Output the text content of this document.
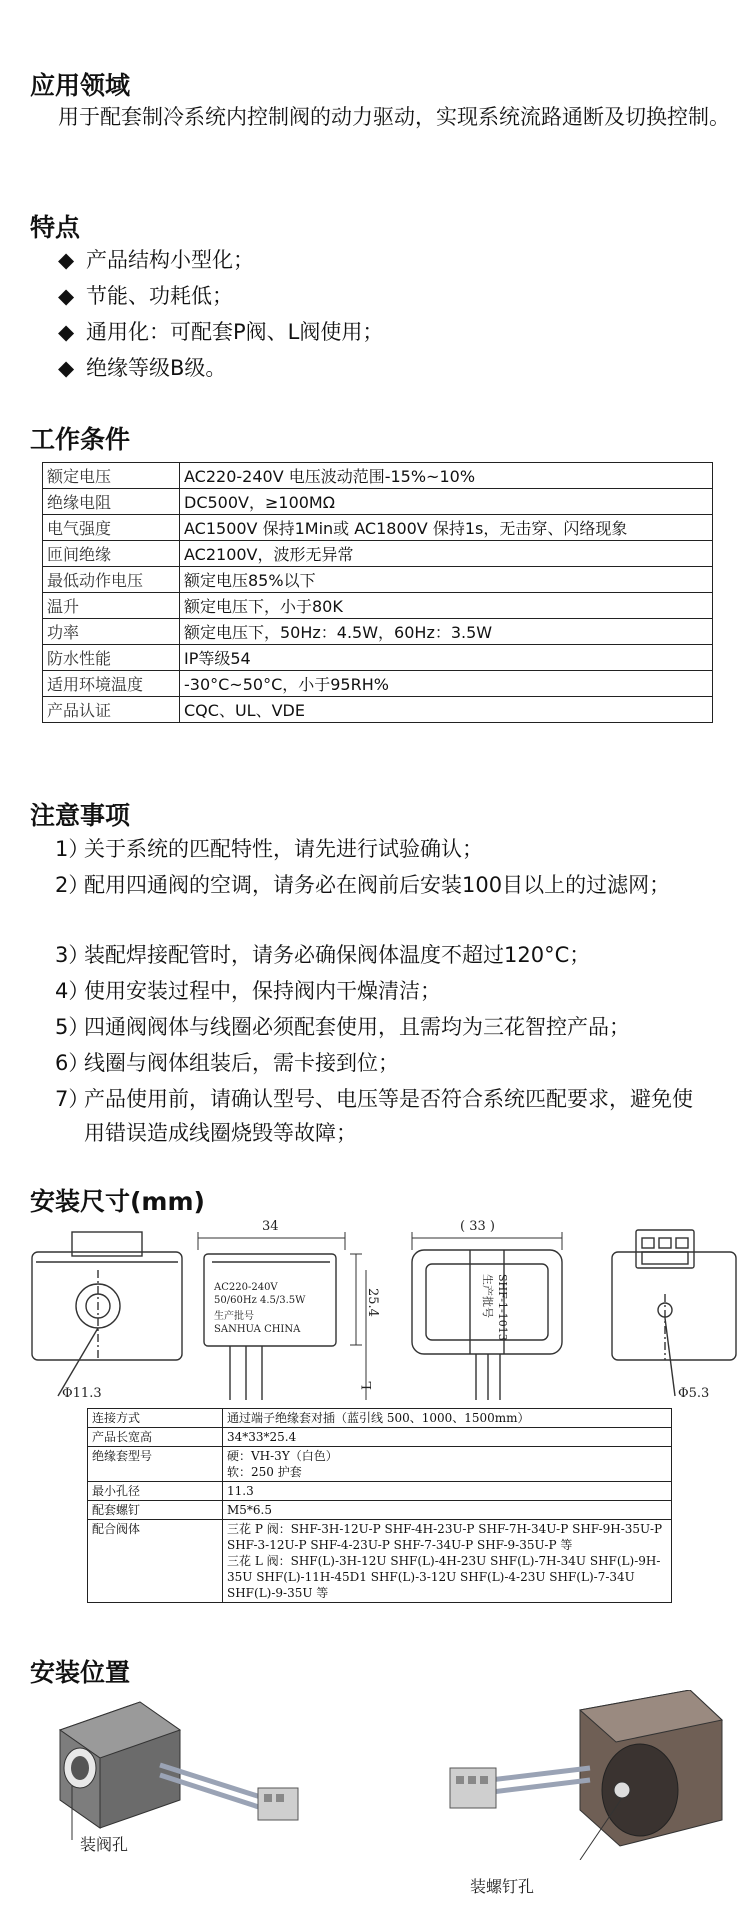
应用领域
用于配套制冷系统内控制阀的动力驱动，实现系统流路通断及切换控制。
特点
◆ 产品结构小型化；
◆ 节能、功耗低；
◆ 通用化：可配套P阀、L阀使用；
◆ 绝缘等级B级。
工作条件
额定电压	AC220-240V 电压波动范围-15%~10%
绝缘电阻	DC500V，≥100MΩ
电气强度	AC1500V 保持1Min或 AC1800V 保持1s，无击穿、闪络现象
匝间绝缘	AC2100V，波形无异常
最低动作电压	额定电压85%以下
温升	额定电压下，小于80K
功率	额定电压下，50Hz：4.5W，60Hz：3.5W
防水性能	IP等级54
适用环境温度	-30°C~50°C，小于95RH%
产品认证	CQC、UL、VDE
注意事项
1）关于系统的匹配特性，请先进行试验确认；
2）配用四通阀的空调，请务必在阀前后安装100目以上的过滤网；
3）装配焊接配管时，请务必确保阀体温度不超过120°C；
4）使用安装过程中，保持阀内干燥清洁；
5）四通阀阀体与线圈必须配套使用，且需均为三花智控产品；
6）线圈与阀体组装后，需卡接到位；
7）产品使用前，请确认型号、电压等是否符合系统匹配要求，避免使用错误造成线圈烧毁等故障；
安装尺寸(mm)
Φ11.3
34
AC220-240V
50/60Hz 4.5/3.5W
生产批号
SANHUA CHINA
25.4
L
( 33 )
SHF-1-1013
生产批号
Φ5.3
连接方式	通过端子绝缘套对插（蓝引线 500、1000、1500mm）

产品长宽高	34*33*25.4

绝缘套型号	硬：VH-3Y（白色）
软：250 护套

最小孔径	11.3

配套螺钉	M5*6.5

配合阀体	三花 P 阀：SHF-3H-12U-P SHF-4H-23U-P SHF-7H-34U-P SHF-9H-35U-P SHF-3-12U-P SHF-4-23U-P SHF-7-34U-P SHF-9-35U-P 等
三花 L 阀：SHF(L)-3H-12U SHF(L)-4H-23U SHF(L)-7H-34U SHF(L)-9H-35U SHF(L)-11H-45D1 SHF(L)-3-12U SHF(L)-4-23U SHF(L)-7-34U SHF(L)-9-35U 等
安装位置
装阀孔
装螺钉孔
